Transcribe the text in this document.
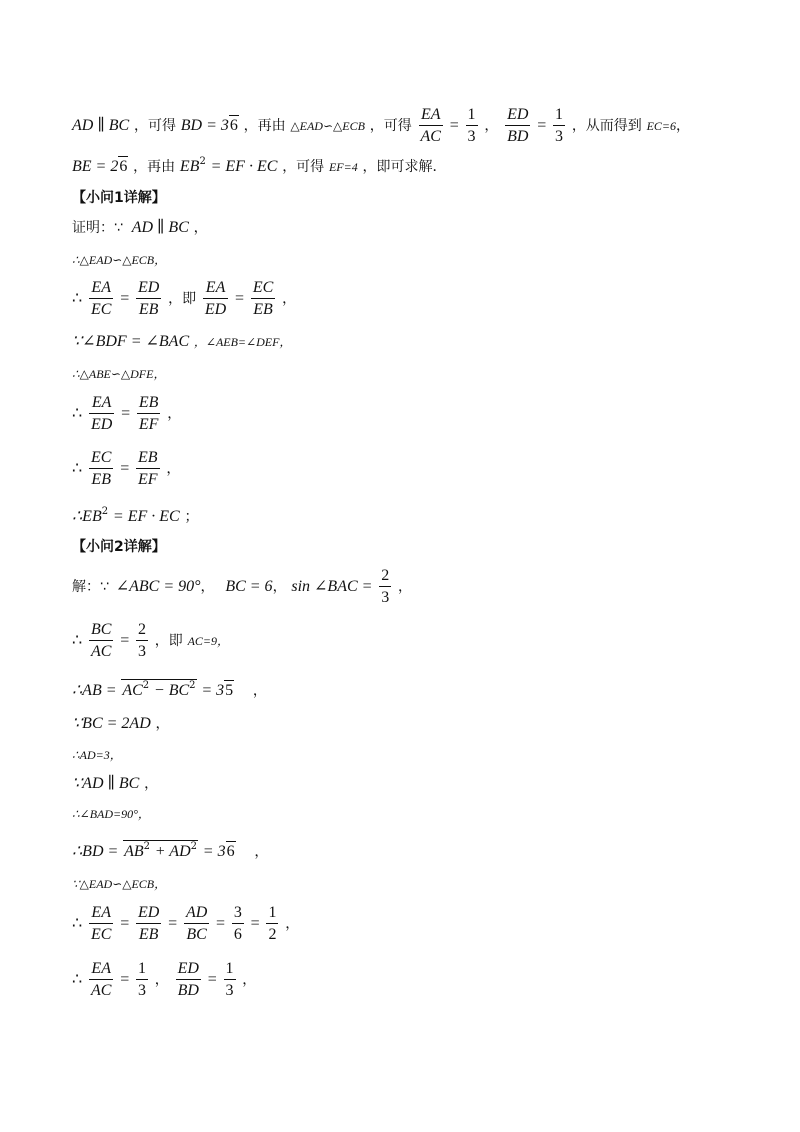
AD ∥ BC ，可得 BD = 36 ，再由 △EAD∽△ECB ，可得 $\frac{EA}{AC} = \frac{1}{3}$ ， $\frac{ED}{BD} = \frac{1}{3}$ ，从而得到 EC=6，
BE = 26 ，再由 $EB^2$ = EF · EC ，可得 EF=4 ，即可求解．
【小问1详解】
证明：∵ AD ∥ BC ，
∴△EAD∽△ECB，
∴ $\frac{EA}{EC} = \frac{ED}{EB}$ ，即 $\frac{EA}{ED} = \frac{EC}{EB}$ ，
∵∠BDF = ∠BAC ，∠AEB=∠DEF，
∴△ABE∽△DFE，
∴ $\frac{EA}{ED} = \frac{EB}{EF}$ ，
∴ $\frac{EC}{EB} = \frac{EB}{EF}$ ，
$\therefore EB^2$ = EF · EC ；
【小问2详解】
解：∵ ∠ABC = 90°， BC = 6， sin ∠BAC = $\frac{2}{3}$ ，
∴ $\frac{BC}{AC} = \frac{2}{3}$ ，即 AC=9，
∴AB = $AC^2 - BC^2 = 35$ ，
∵BC = 2AD ，
∴AD=3，
∵AD ∥ BC ，
∴∠BAD=90°，
∴BD = $AB^2 + AD^2 = 36$ ，
∵△EAD∽△ECB，
∴ $\frac{EA}{EC} = \frac{ED}{EB} = \frac{AD}{BC} = \frac{3}{6} = \frac{1}{2}$ ，
∴ $\frac{EA}{AC} = \frac{1}{3}$ ， $\frac{ED}{BD} = \frac{1}{3}$ ，
